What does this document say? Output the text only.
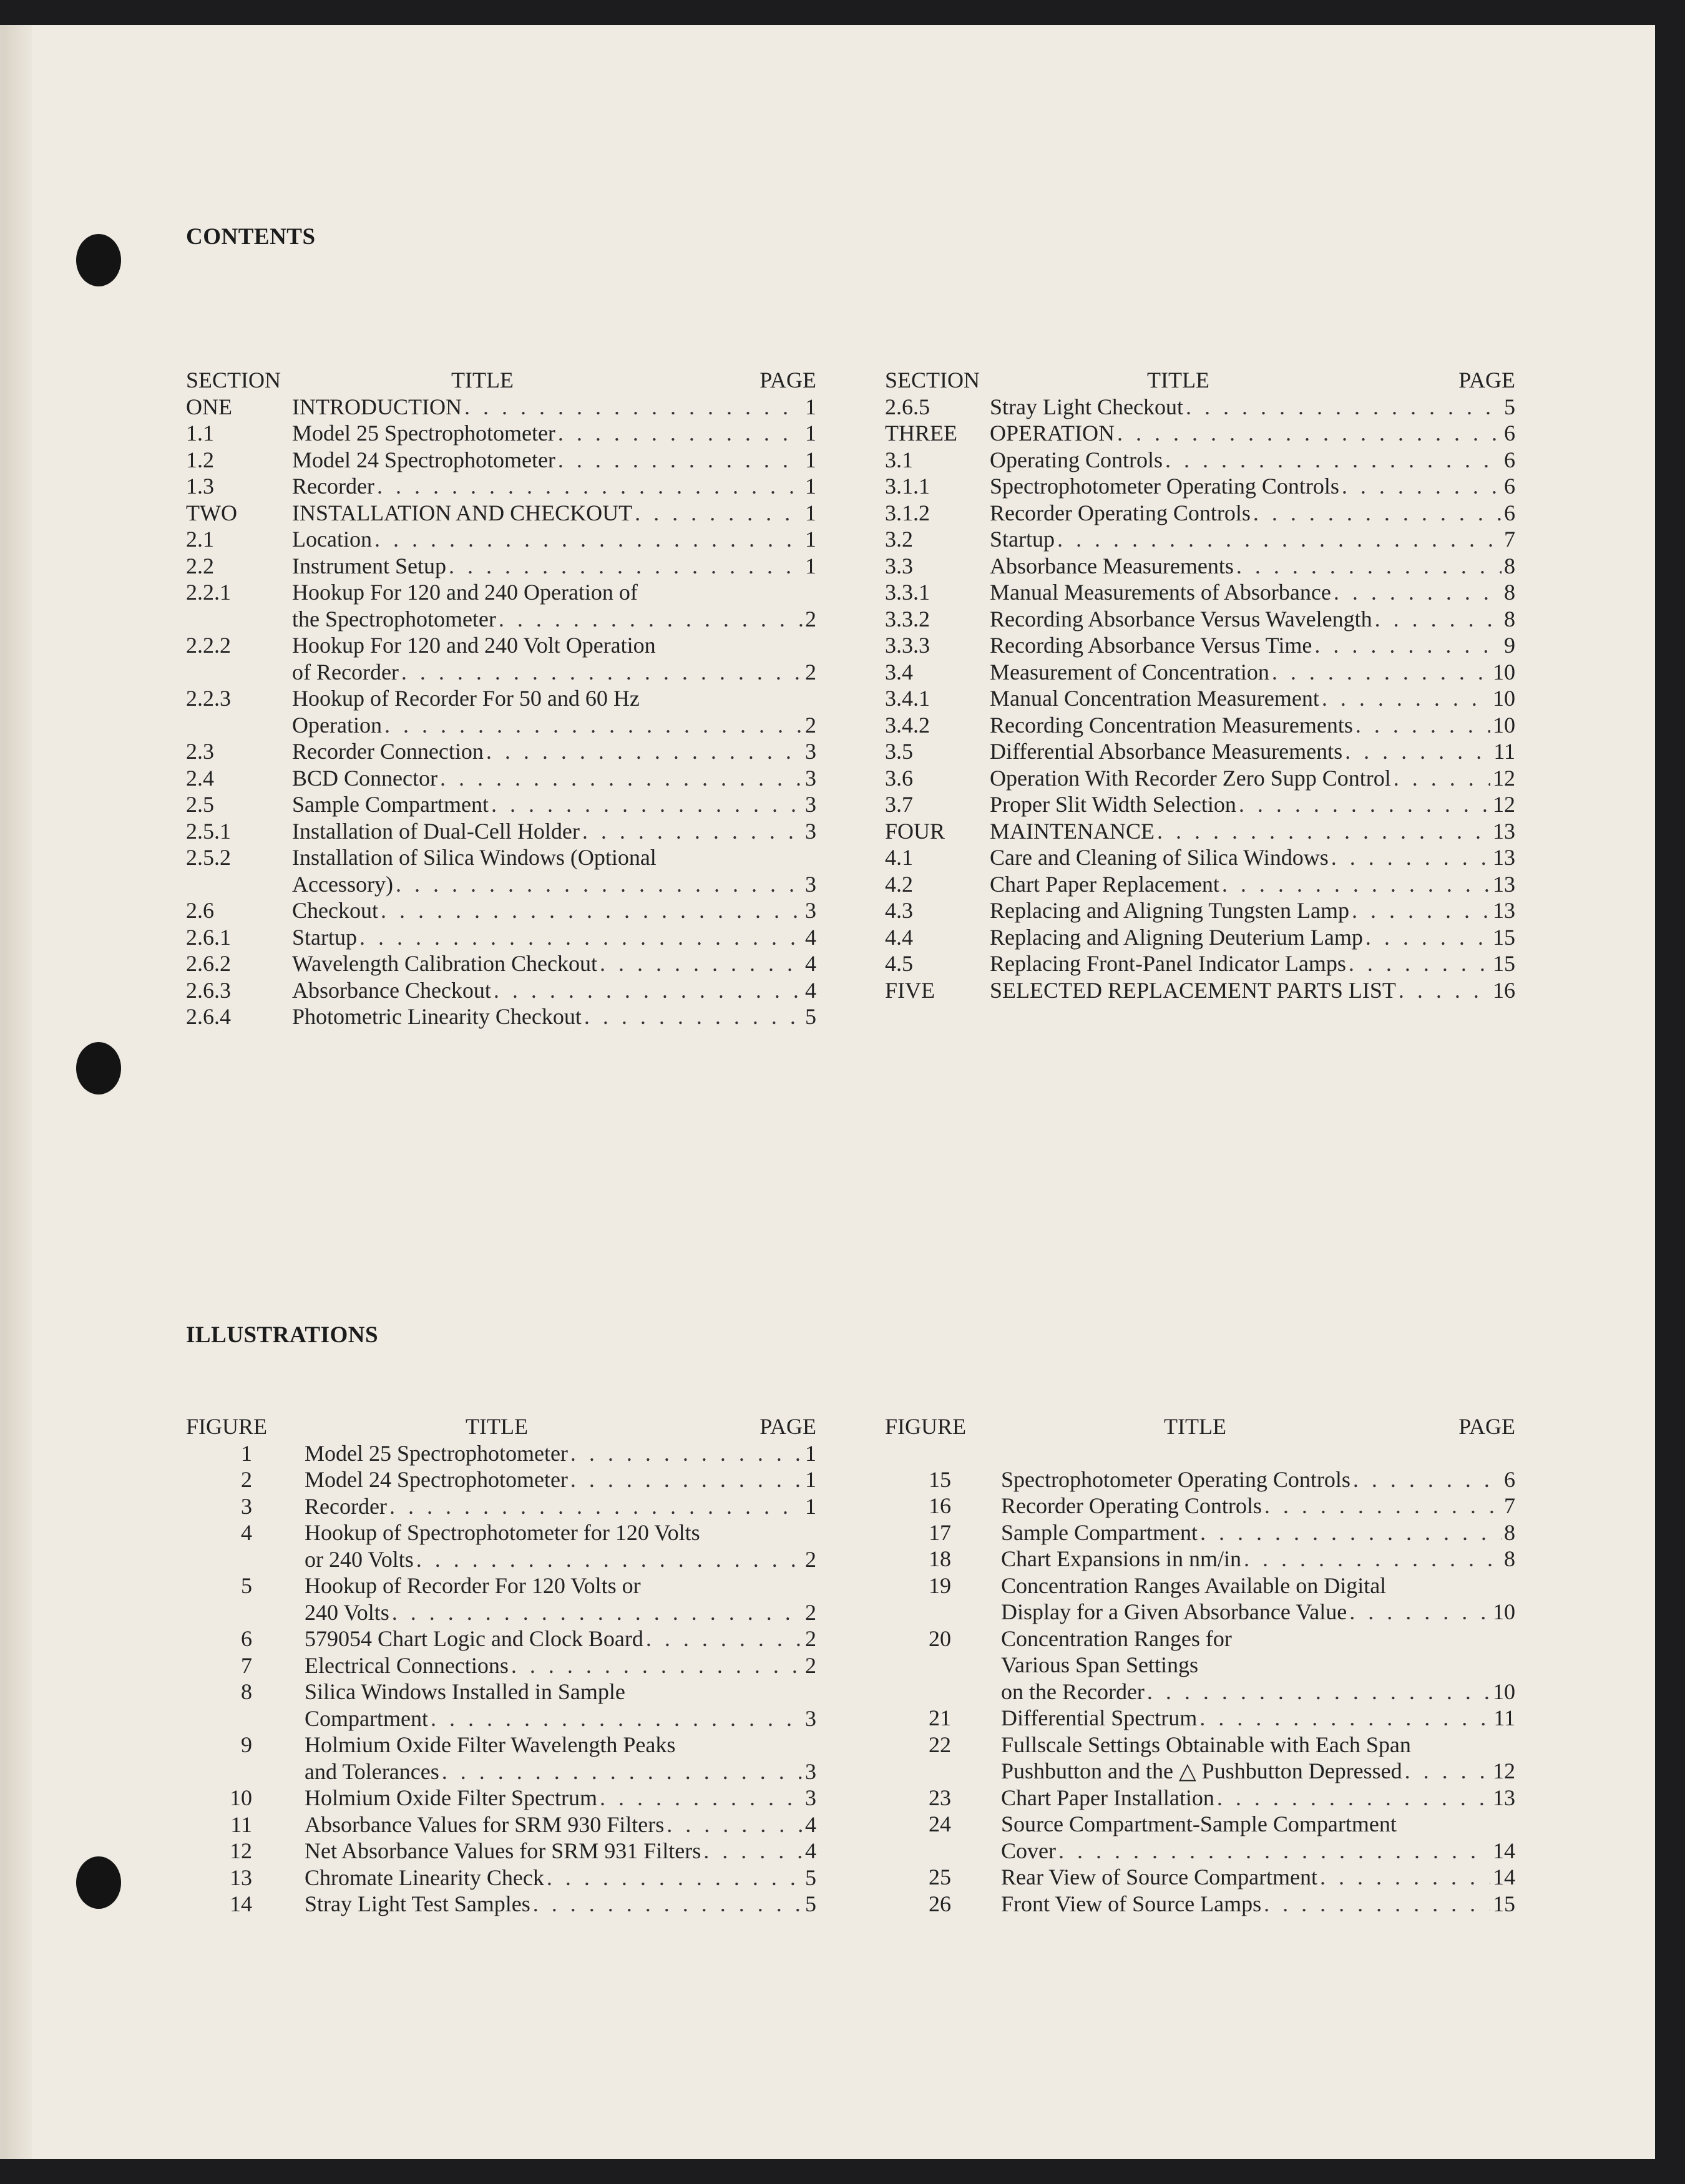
CONTENTS
SECTION	TITLE	PAGE
ONE	INTRODUCTION . . .	1
1.1	Model 25 Spectrophotometer . . .	1
1.2	Model 24 Spectrophotometer . . .	1
1.3	Recorder . . .	1
TWO INSTALLATION AND CHECKOUT . . .	1
2.1	Location . . .	1
2.2	Instrument Setup . . .	1
2.2.1	Hookup For 120 and 240 Operation of
the Spectrophotometer . . .	2
2.2.2	Hookup For 120 and 240 Volt Operation
of Recorder . . .	2
2.2.3	Hookup of Recorder For 50 and 60 Hz
Operation . . .	2
2.3	Recorder Connection . . .	3
2.4	BCD Connector . . .	3
2.5	Sample Compartment . . .	3
2.5.1	Installation of Dual-Cell Holder . . .	3
2.5.2	Installation of Silica Windows (Optional
Accessory) . . .	3
2.6	Checkout . . .	3
2.6.1	Startup . . .	4
2.6.2	Wavelength Calibration Checkout . . .	4
2.6.3	Absorbance Checkout . . .	4
2.6.4	Photometric Linearity Checkout . . .	5
SECTION	TITLE	PAGE
2.6.5	Stray Light Checkout . . .	5
THREE OPERATION . . .	6
3.1	Operating Controls . . .	6
3.1.1	Spectrophotometer Operating Controls . . .	6
3.1.2	Recorder Operating Controls . . .	6
3.2	Startup . . .	7
3.3	Absorbance Measurements . . .	8
3.3.1	Manual Measurements of Absorbance . . .	8
3.3.2	Recording Absorbance Versus Wavelength . . .	8
3.3.3	Recording Absorbance Versus Time . . .	9
3.4	Measurement of Concentration . . .	10
3.4.1	Manual Concentration Measurement . . .	10
3.4.2	Recording Concentration Measurements . . .	10
3.5	Differential Absorbance Measurements . . .	11
3.6	Operation With Recorder Zero Supp Control . . .	12
3.7	Proper Slit Width Selection . . .	12
FOUR MAINTENANCE . . .	13
4.1	Care and Cleaning of Silica Windows . . .	13
4.2	Chart Paper Replacement . . .	13
4.3	Replacing and Aligning Tungsten Lamp . . .	13
4.4	Replacing and Aligning Deuterium Lamp . . .	15
4.5	Replacing Front-Panel Indicator Lamps . . .	15
FIVE SELECTED REPLACEMENT PARTS LIST . . .	16
ILLUSTRATIONS
FIGURE	TITLE	PAGE
1 Model 25 Spectrophotometer . . .	1
2 Model 24 Spectrophotometer . . .	1
3 Recorder . . .	1
4 Hookup of Spectrophotometer for 120 Volts
or 240 Volts . . .	2
5 Hookup of Recorder For 120 Volts or
240 Volts . . .	2
6 579054 Chart Logic and Clock Board . . .	2
7 Electrical Connections . . .	2
8 Silica Windows Installed in Sample
Compartment . . .	3
9 Holmium Oxide Filter Wavelength Peaks
and Tolerances . . .	3
10 Holmium Oxide Filter Spectrum . . .	3
11 Absorbance Values for SRM 930 Filters . . .	4
12 Net Absorbance Values for SRM 931 Filters . . .	4
13 Chromate Linearity Check . . .	5
14 Stray Light Test Samples . . .	5
FIGURE	TITLE	PAGE
15 Spectrophotometer Operating Controls . . .	6
16 Recorder Operating Controls . . .	7
17 Sample Compartment . . .	8
18 Chart Expansions in nm/in . . .	8
19 Concentration Ranges Available on Digital
Display for a Given Absorbance Value . . .	10
20 Concentration Ranges for
Various Span Settings
on the Recorder . . .	10
21 Differential Spectrum . . .	11
22 Fullscale Settings Obtainable with Each Span
Pushbutton and the △ Pushbutton Depressed . . .	12
23 Chart Paper Installation . . .	13
24 Source Compartment-Sample Compartment
Cover . . .	14
25 Rear View of Source Compartment . . .	14
26 Front View of Source Lamps . . .	15
